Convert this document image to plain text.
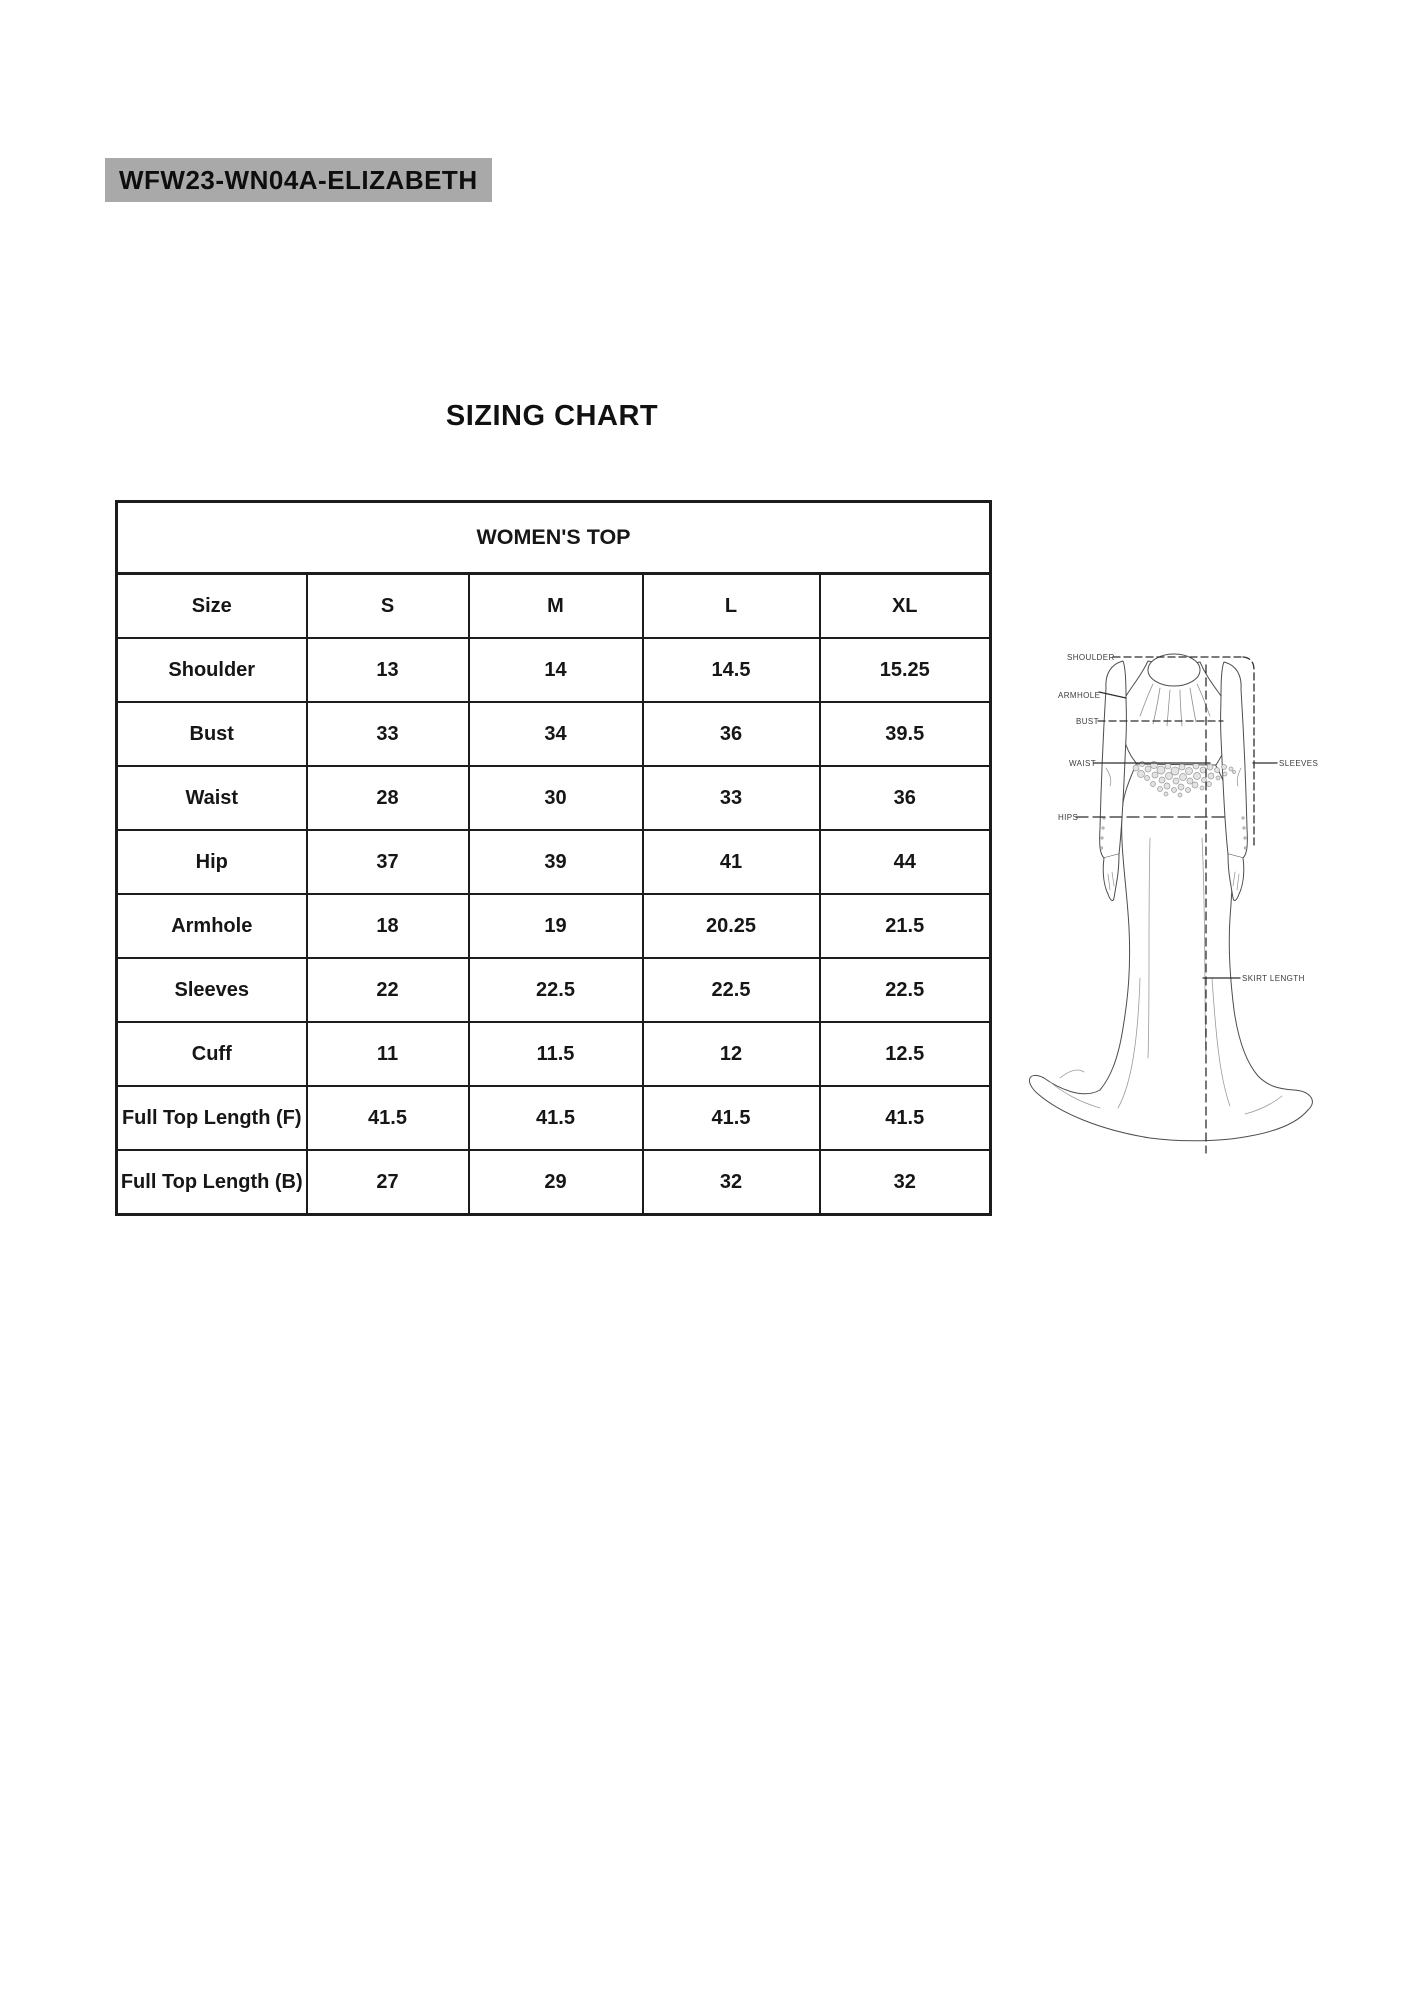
WFW23-WN04A-ELIZABETH
SIZING CHART
WOMEN'S TOP				
Size	S	M	L	XL
Shoulder	13	14	14.5	15.25
Bust	33	34	36	39.5
Waist	28	30	33	36
Hip	37	39	41	44
Armhole	18	19	20.25	21.5
Sleeves	22	22.5	22.5	22.5
Cuff	11	11.5	12	12.5
Full Top Length (F)	41.5	41.5	41.5	41.5
Full Top Length (B)	27	29	32	32
SHOULDER
ARMHOLE
BUST
WAIST
HIPS
SLEEVES
SKIRT LENGTH
